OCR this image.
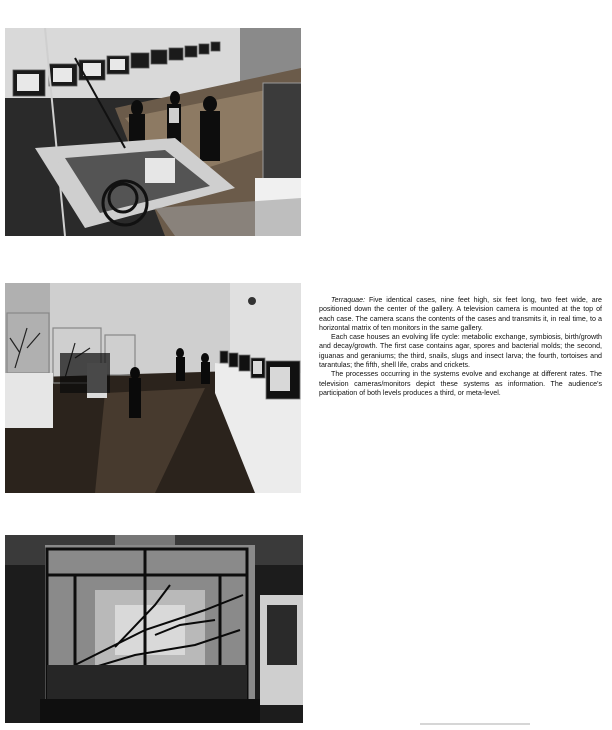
Terraquae: Five identical cases, nine feet high, six feet long, two feet wide, are positioned down the center of the gallery. A television camera is mounted at the top of each case. The camera scans the contents of the cases and transmits it, in real time, to a horizontal matrix of ten monitors in the same gallery.

Each case houses an evolving life cycle: metabolic exchange, symbiosis, birth/growth and decay/growth. The first case contains agar, spores and bacterial molds; the second, iguanas and geraniums; the third, snails, slugs and insect larva; the fourth, tortoises and tarantulas; the fifth, shell life, crabs and crickets.

The processes occurring in the systems evolve and exchange at different rates. The television cameras/monitors depict these systems as information. The audience's participation of both levels produces a third, or meta-level.
